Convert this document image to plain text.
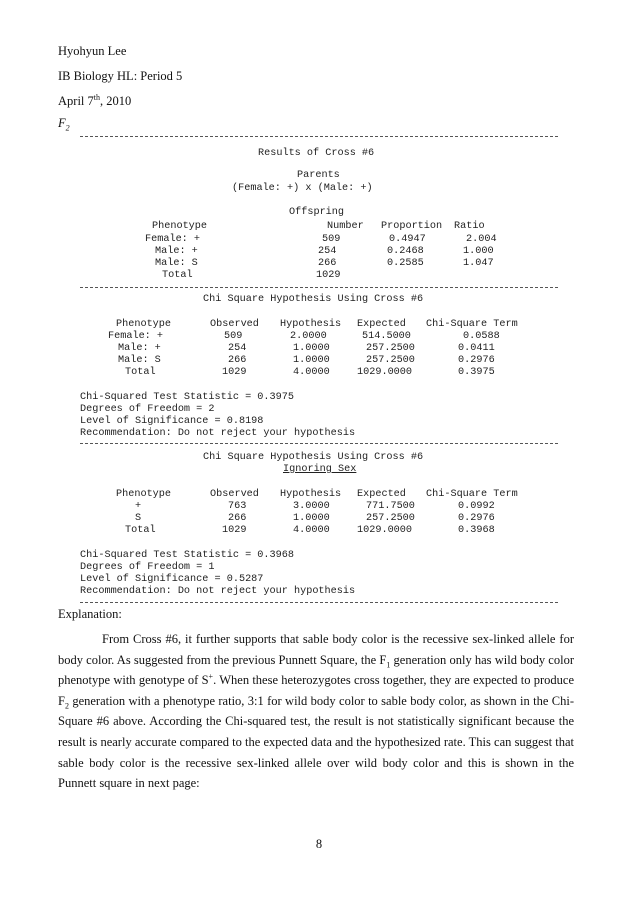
Hyohyun Lee
IB Biology HL: Period 5
April 7th, 2010
$F_2$
Results of Cross #6
Parents
(Female: +) x (Male: +)
Offspring
Phenotype	Number Proportion Ratio
Female: +	509	0.4947	2.004
Male: +	254	0.2468	1.000
Male: S	266	0.2585	1.047
Total	1029
Chi Square Hypothesis Using Cross #6
Phenotype	Observed Hypothesis Expected Chi-Square Term
Female: +	509	2.0000	514.5000	0.0588
Male: +	254	1.0000	257.2500	0.0411
Male: S	266	1.0000	257.2500	0.2976
Total	1029	4.0000	1029.0000	0.3975
Chi-Squared Test Statistic = 0.3975
Degrees of Freedom = 2
Level of Significance = 0.8198
Recommendation: Do not reject your hypothesis
Chi Square Hypothesis Using Cross #6
Ignoring Sex
Phenotype	Observed Hypothesis Expected Chi-Square Term
+	763	3.0000	771.7500	0.0992
S	266	1.0000	257.2500	0.2976
Total	1029	4.0000	1029.0000	0.3968
Chi-Squared Test Statistic = 0.3968
Degrees of Freedom = 1
Level of Significance = 0.5287
Recommendation: Do not reject your hypothesis
Explanation:
From Cross #6, it further supports that sable body color is the recessive sex-linked allele for body color. As suggested from the previous Punnett Square, the $F_1$ generation only has wild body color phenotype with genotype of S+. When these heterozygotes cross together, they are expected to produce $F_2$ generation with a phenotype ratio, 3:1 for wild body color to sable body color, as shown in the Chi-Square #6 above. According the Chi-squared test, the result is not statistically significant because the result is nearly accurate compared to the expected data and the hypothesized rate. This can suggest that sable body color is the recessive sex-linked allele over wild body color and this is shown in the Punnett square in next page:
8
